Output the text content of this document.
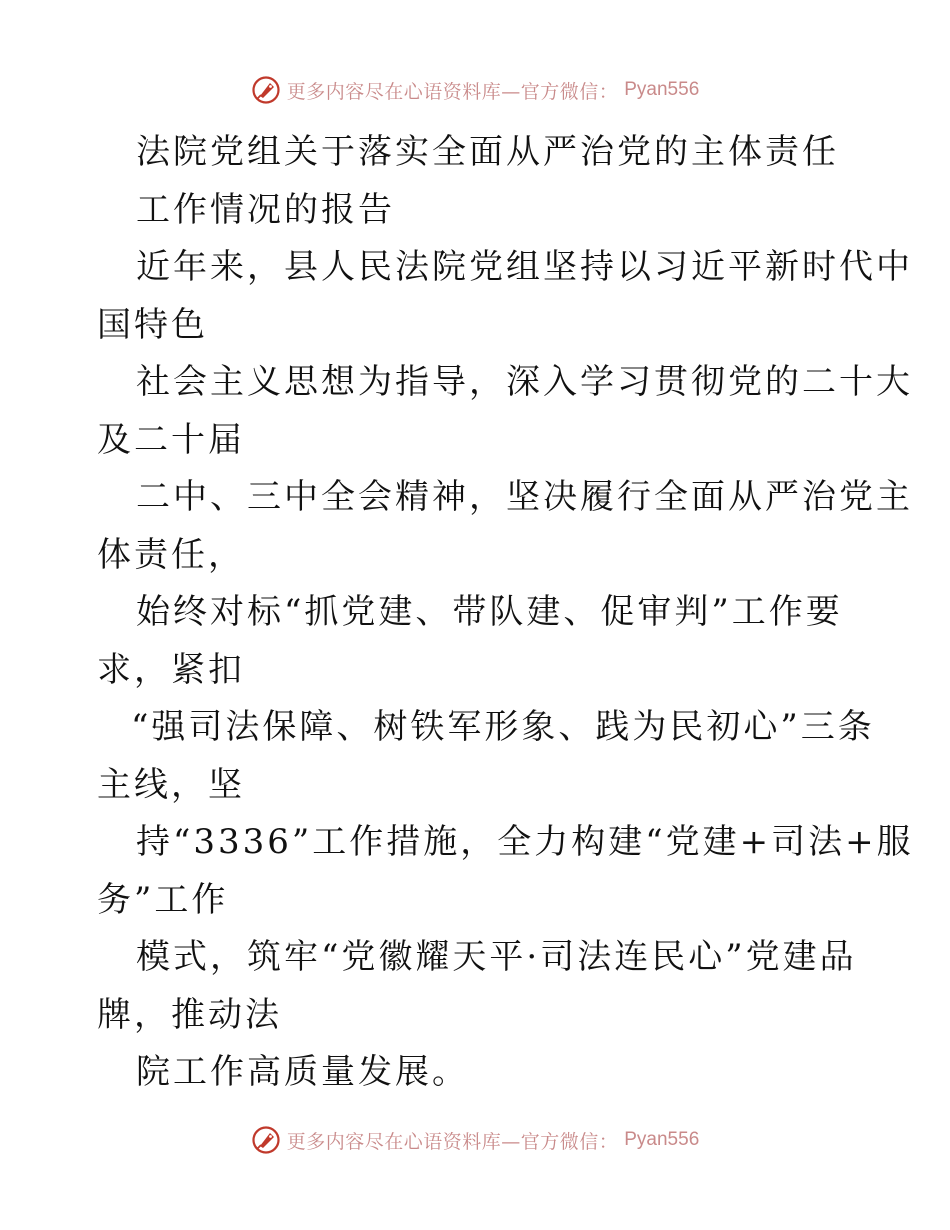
更多内容尽在心语资料库—官方微信： Pyan556
法院党组关于落实全面从严治党的主体责任
工作情况的报告
近年来，县人民法院党组坚持以习近平新时代中
国特色
社会主义思想为指导，深入学习贯彻党的二十大
及二十届
二中、三中全会精神，坚决履行全面从严治党主
体责任，
始终对标“抓党建、带队建、促审判”工作要
求，紧扣
“强司法保障、树铁军形象、践为民初心”三条
主线，坚
持“3336”工作措施，全力构建“党建+司法+服
务”工作
模式，筑牢“党徽耀天平·司法连民心”党建品
牌，推动法
院工作高质量发展。
更多内容尽在心语资料库—官方微信： Pyan556
